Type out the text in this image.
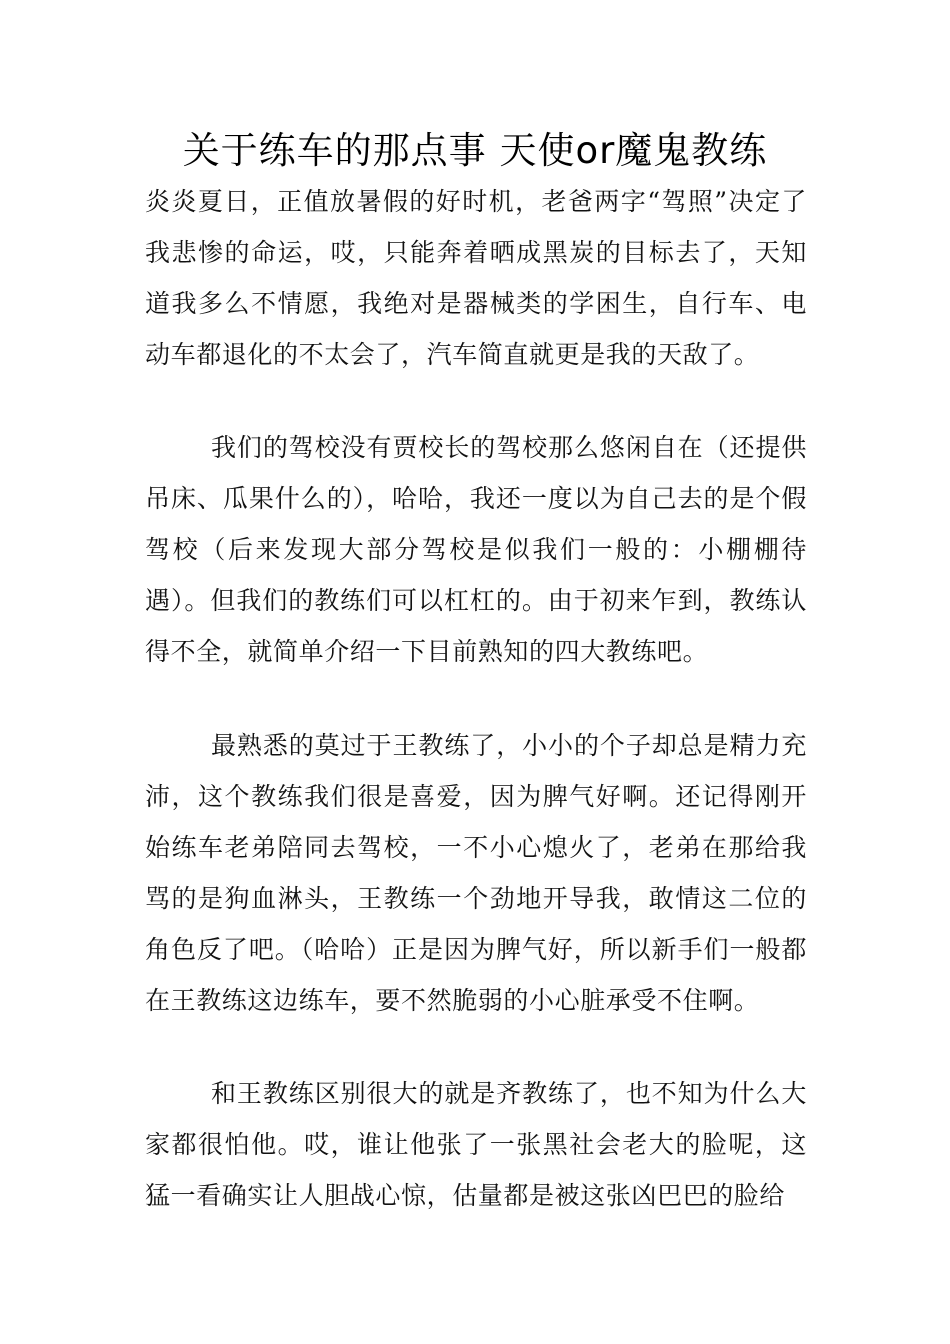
关于练车的那点事 天使or魔鬼教练

炎炎夏日，正值放暑假的好时机，老爸两字“驾照”决定了我悲惨的命运，哎，只能奔着晒成黑炭的目标去了，天知道我多么不情愿，我绝对是器械类的学困生，自行车、电动车都退化的不太会了，汽车简直就更是我的天敌了。

我们的驾校没有贾校长的驾校那么悠闲自在（还提供吊床、瓜果什么的），哈哈，我还一度以为自己去的是个假驾校（后来发现大部分驾校是似我们一般的：小棚棚待遇）。但我们的教练们可以杠杠的。由于初来乍到，教练认得不全，就简单介绍一下目前熟知的四大教练吧。

最熟悉的莫过于王教练了，小小的个子却总是精力充沛，这个教练我们很是喜爱，因为脾气好啊。还记得刚开始练车老弟陪同去驾校，一不小心熄火了，老弟在那给我骂的是狗血淋头，王教练一个劲地开导我，敢情这二位的角色反了吧。（哈哈）正是因为脾气好，所以新手们一般都在王教练这边练车，要不然脆弱的小心脏承受不住啊。

和王教练区别很大的就是齐教练了，也不知为什么大家都很怕他。哎，谁让他张了一张黑社会老大的脸呢，这猛一看确实让人胆战心惊，估量都是被这张凶巴巴的脸给
